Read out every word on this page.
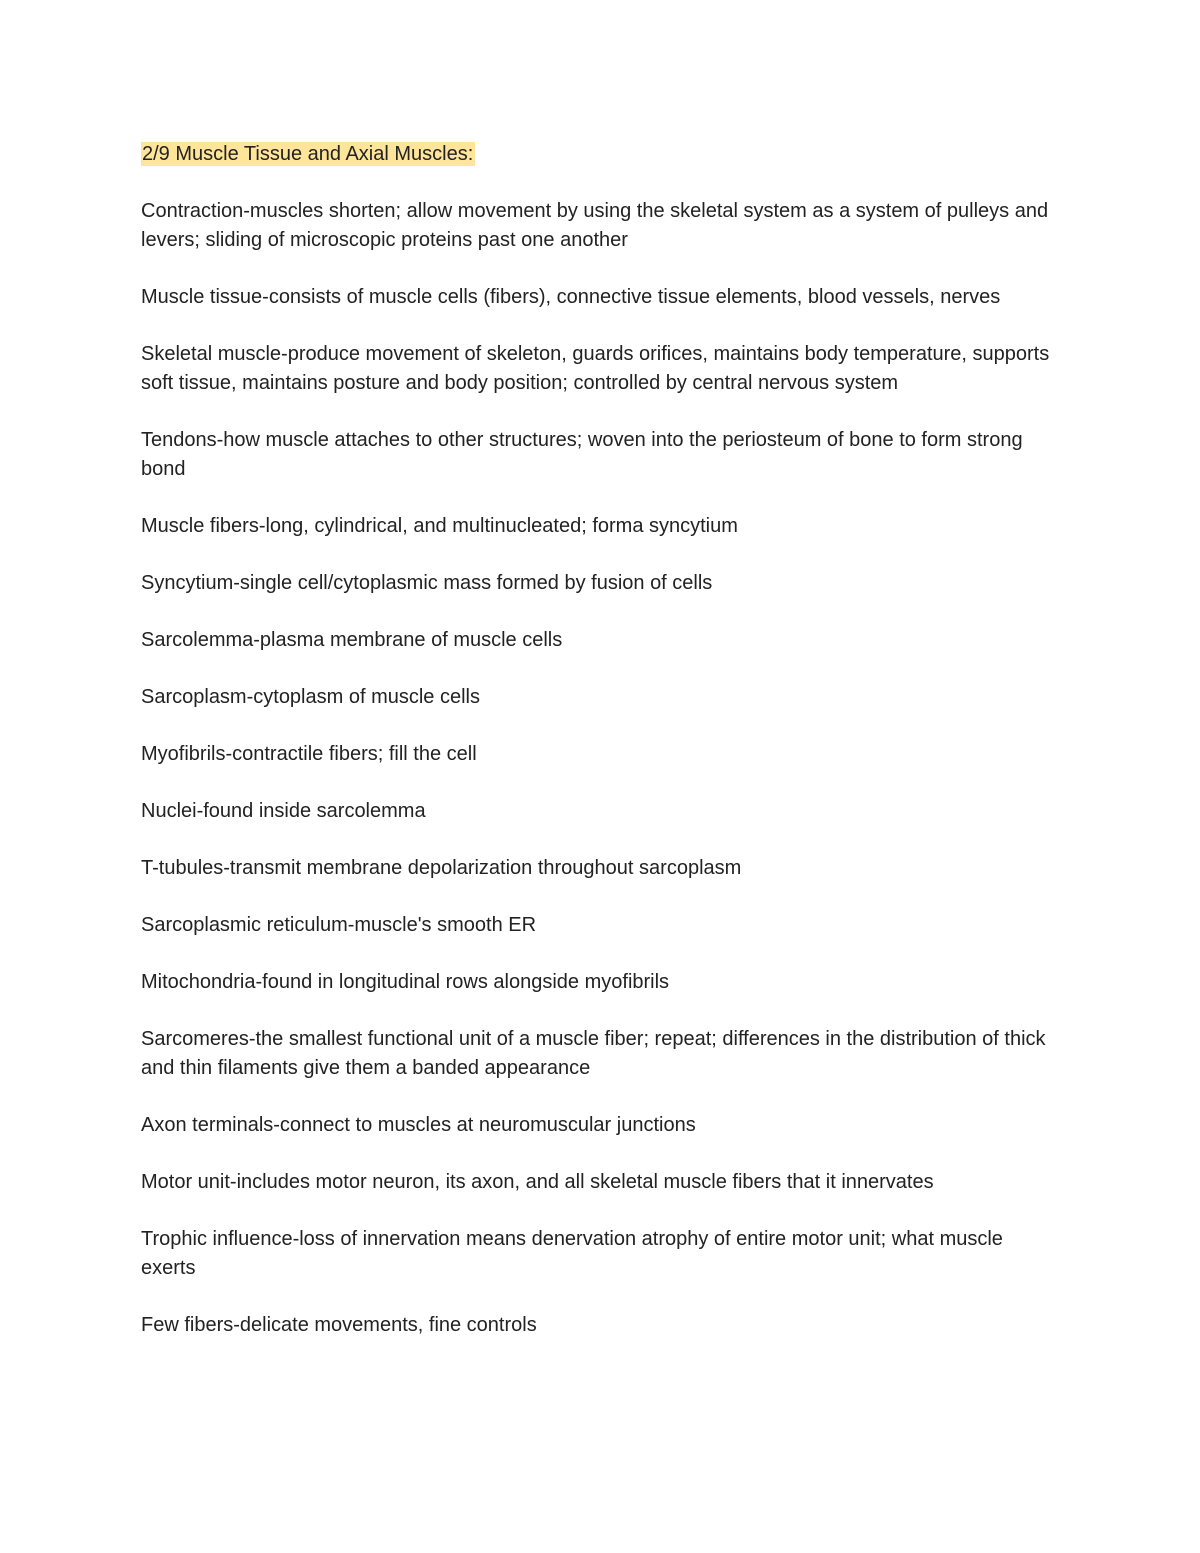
2/9 Muscle Tissue and Axial Muscles:

Contraction-muscles shorten; allow movement by using the skeletal system as a system of pulleys and levers; sliding of microscopic proteins past one another

Muscle tissue-consists of muscle cells (fibers), connective tissue elements, blood vessels, nerves

Skeletal muscle-produce movement of skeleton, guards orifices, maintains body temperature, supports soft tissue, maintains posture and body position; controlled by central nervous system

Tendons-how muscle attaches to other structures; woven into the periosteum of bone to form strong bond

Muscle fibers-long, cylindrical, and multinucleated; forma syncytium

Syncytium-single cell/cytoplasmic mass formed by fusion of cells

Sarcolemma-plasma membrane of muscle cells

Sarcoplasm-cytoplasm of muscle cells

Myofibrils-contractile fibers; fill the cell

Nuclei-found inside sarcolemma

T-tubules-transmit membrane depolarization throughout sarcoplasm

Sarcoplasmic reticulum-muscle's smooth ER

Mitochondria-found in longitudinal rows alongside myofibrils

Sarcomeres-the smallest functional unit of a muscle fiber; repeat; differences in the distribution of thick and thin filaments give them a banded appearance

Axon terminals-connect to muscles at neuromuscular junctions

Motor unit-includes motor neuron, its axon, and all skeletal muscle fibers that it innervates

Trophic influence-loss of innervation means denervation atrophy of entire motor unit; what muscle exerts

Few fibers-delicate movements, fine controls
